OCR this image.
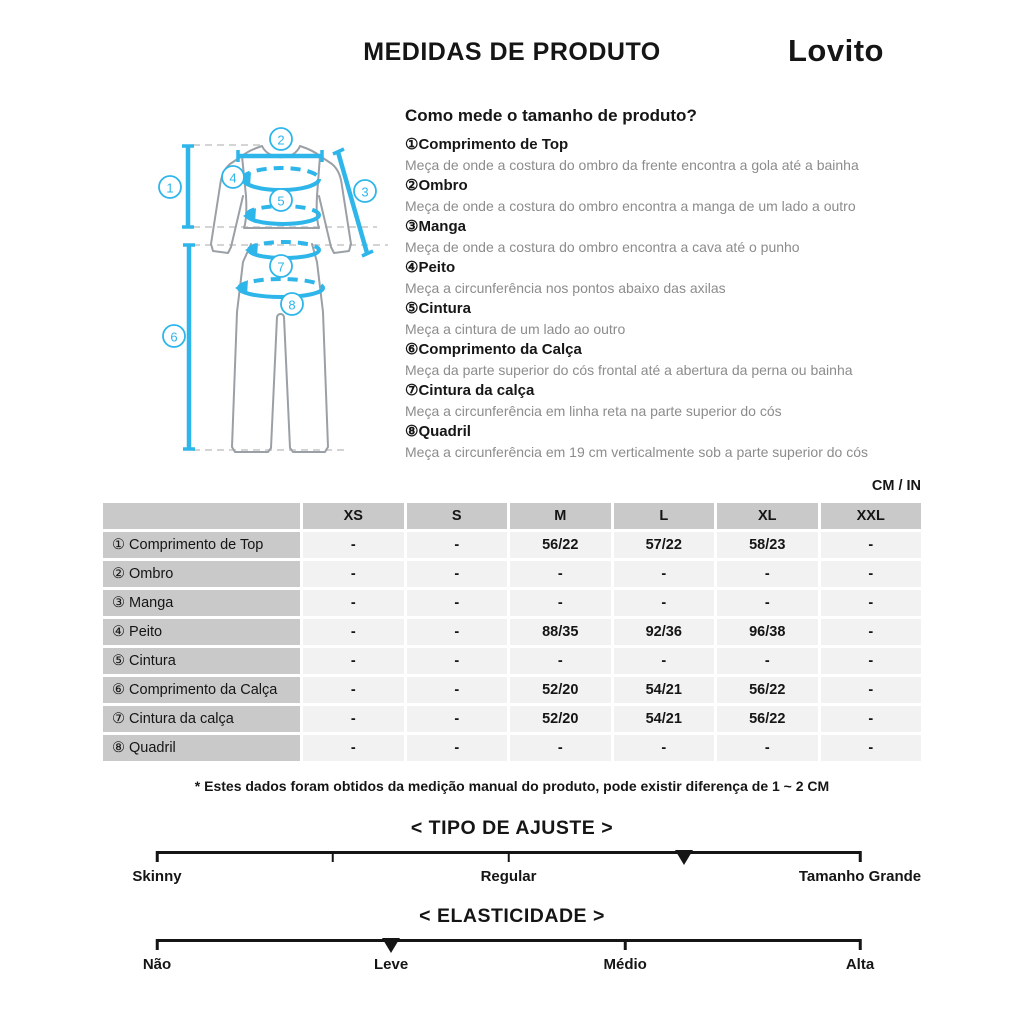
MEDIDAS DE PRODUTO	Lovito
1
2
3
4
5
6
7
8
Como mede o tamanho de produto?
①Comprimento de Top
Meça de onde a costura do ombro da frente encontra a gola até a bainha
②Ombro
Meça de onde a costura do ombro encontra a manga de um lado a outro
③Manga
Meça de onde a costura do ombro encontra a cava até o punho
④Peito
Meça a circunferência nos pontos abaixo das axilas
⑤Cintura
Meça a cintura de um lado ao outro
⑥Comprimento da Calça
Meça da parte superior do cós frontal até a abertura da perna ou bainha
⑦Cintura da calça
Meça a circunferência em linha reta na parte superior do cós
⑧Quadril
Meça a circunferência em 19 cm verticalmente sob a parte superior do cós
CM / IN
XS	S	M	L	XL	XXL
① Comprimento de Top	-	-	56/22	57/22	58/23	-
② Ombro	-	-	-	-	-	-
③ Manga	-	-	-	-	-	-
④ Peito	-	-	88/35	92/36	96/38	-
⑤ Cintura	-	-	-	-	-	-
⑥ Comprimento da Calça	-	-	52/20	54/21	56/22	-
⑦ Cintura da calça	-	-	52/20	54/21	56/22	-
⑧ Quadril	-	-	-	-	-	-
* Estes dados foram obtidos da medição manual do produto, pode existir diferença de 1 ~ 2 CM
< TIPO DE AJUSTE >
Skinny	Regular	Tamanho Grande
< ELASTICIDADE >
Não	Leve	Médio	Alta
